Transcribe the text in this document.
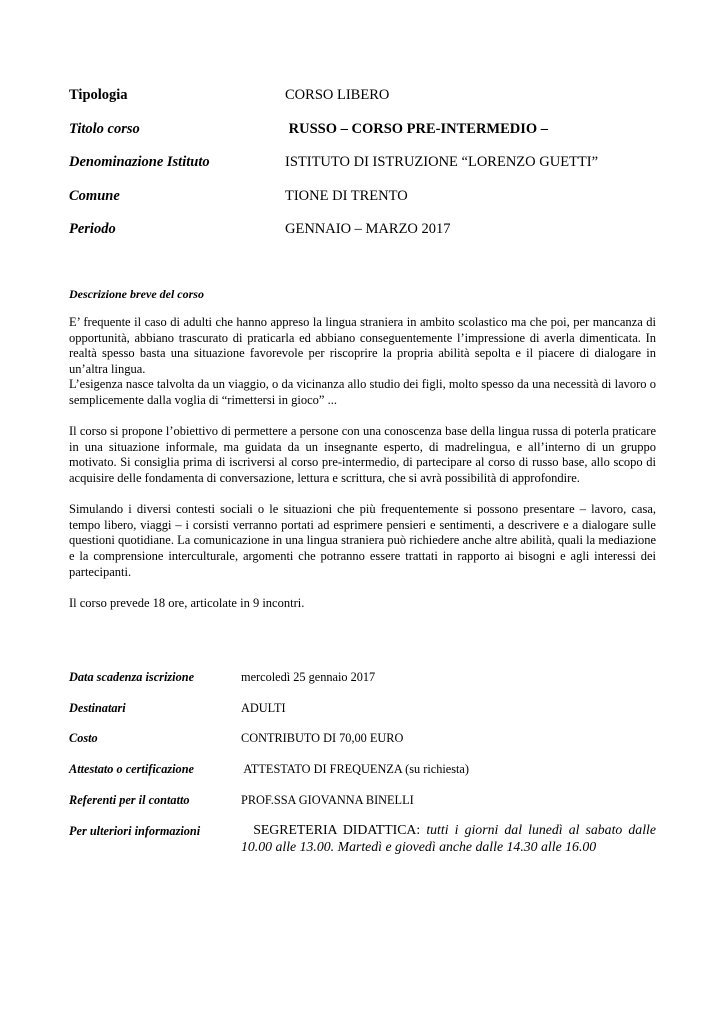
Tipologia	CORSO LIBERO
Titolo corso	RUSSO – CORSO PRE-INTERMEDIO –
Denominazione Istituto	ISTITUTO DI ISTRUZIONE “LORENZO GUETTI”
Comune	TIONE DI TRENTO
Periodo	GENNAIO – MARZO 2017
Descrizione breve del corso

E’ frequente il caso di adulti che hanno appreso la lingua straniera in ambito scolastico ma che poi, per mancanza di opportunità, abbiano trascurato di praticarla ed abbiano conseguentemente l’impressione di averla dimenticata. In realtà spesso basta una situazione favorevole per riscoprire la propria abilità sepolta e il piacere di dialogare in un’altra lingua.

L’esigenza nasce talvolta da un viaggio, o da vicinanza allo studio dei figli, molto spesso da una necessità di lavoro o semplicemente dalla voglia di “rimettersi in gioco” ...

Il corso si propone l’obiettivo di permettere a persone con una conoscenza base della lingua russa di poterla praticare in una situazione informale, ma guidata da un insegnante esperto, di madrelingua, e all’interno di un gruppo motivato. Si consiglia prima di iscriversi al corso pre-intermedio, di partecipare al corso di russo base, allo scopo di acquisire delle fondamenta di conversazione, lettura e scrittura, che si avrà possibilità di approfondire.

Simulando i diversi contesti sociali o le situazioni che più frequentemente si possono presentare – lavoro, casa, tempo libero, viaggi – i corsisti verranno portati ad esprimere pensieri e sentimenti, a descrivere e a dialogare sulle questioni quotidiane. La comunicazione in una lingua straniera può richiedere anche altre abilità, quali la mediazione e la comprensione interculturale, argomenti che potranno essere trattati in rapporto ai bisogni e agli interessi dei partecipanti.

Il corso prevede 18 ore, articolate in 9 incontri.

Data scadenza iscrizione	mercoledì 25 gennaio 2017
Destinatari	ADULTI
Costo	CONTRIBUTO DI 70,00 EURO
Attestato o certificazione	ATTESTATO DI FREQUENZA (su richiesta)
Referenti per il contatto	PROF.SSA GIOVANNA BINELLI
Per ulteriori informazioni	SEGRETERIA DIDATTICA: tutti i giorni dal lunedì al sabato dalle 10.00 alle 13.00. Martedì e giovedì anche dalle 14.30 alle 16.00
